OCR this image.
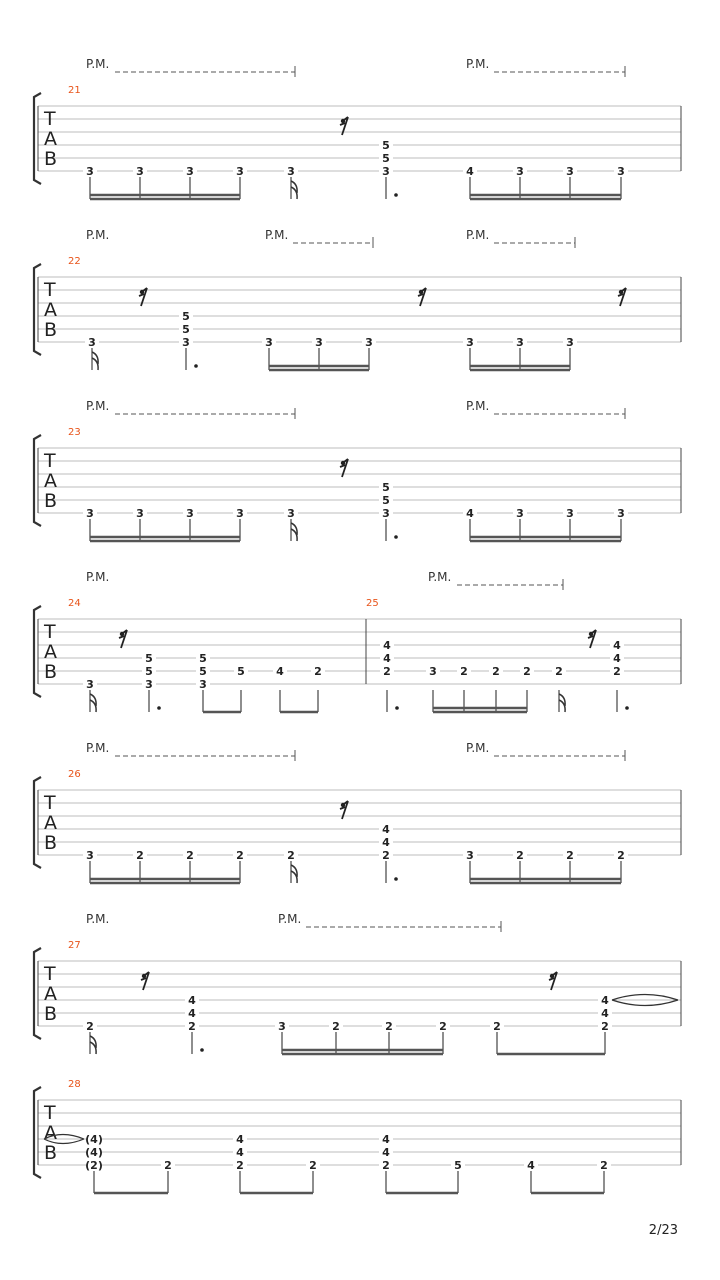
T
A
B
P.M.	P.M.
21
3	3	3	3	3
5
5
3	4	3	3	3
T
A
B
P.M.	P.M.	P.M.
22
3
5
5
3	3	3	3	3	3	3
T
A
B
P.M.	P.M.
23
3	3	3	3	3
5
5
3	4	3	3	3
T
A
B
P.M.	P.M.
24
3
5
5
3
5
5
3
5	4	2
25
4
4
2	3 2 2 2 2
4
4
2
T
A
B
P.M.	P.M.
26
3	2	2	2	2
4
4
2	3	2	2	2
T
A
B
P.M.	P.M.
27
2
4
4
2	3	2	2	2	2
4
4
2
T
A
B
28
(4)
(4)
(2)	2
4
4
2	2
4
4
2	5	4	2
2/23
